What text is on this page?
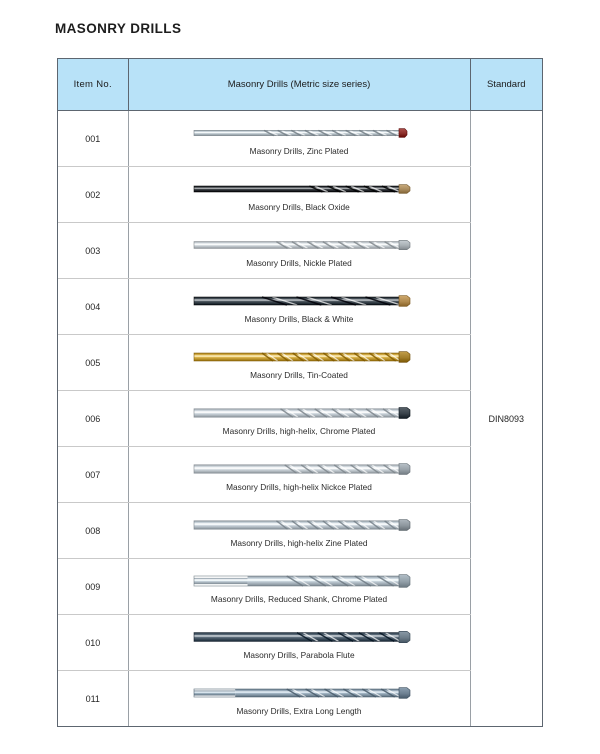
MASONRY DRILLS
Item No.	Masonry Drills (Metric size series)	Standard
001	Masonry Drills, Zinc Plated	DIN8093
002	Masonry Drills, Black Oxide	

003	Masonry Drills, Nickle Plated	

004	Masonry Drills, Black & White	

005	Masonry Drills, Tin-Coated	

006	Masonry Drills, high-helix, Chrome Plated	

007	Masonry Drills, high-helix Nickce Plated	

008	Masonry Drills, high-helix Zine Plated	

009	Masonry Drills, Reduced Shank, Chrome Plated	

010	Masonry Drills, Parabola Flute	

011	Masonry Drills, Extra Long Length	
